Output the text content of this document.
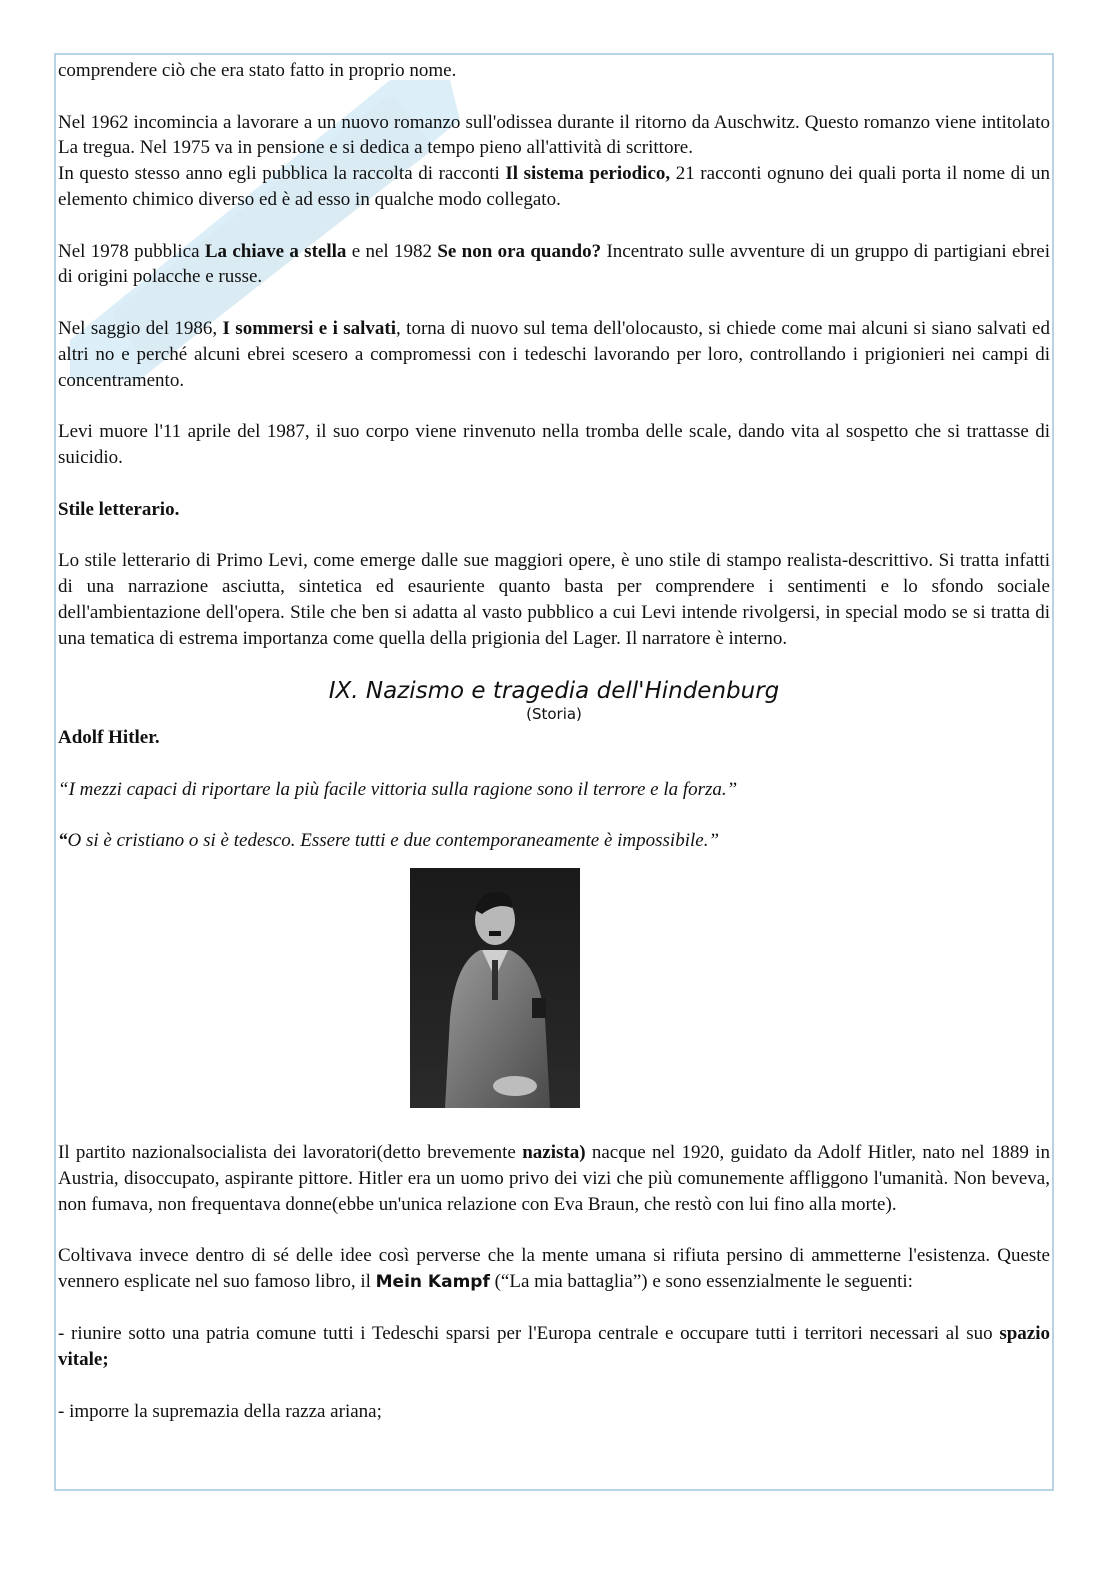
comprendere ciò che era stato fatto in proprio nome.

Nel 1962 incomincia a lavorare a un nuovo romanzo sull'odissea durante il ritorno da Auschwitz. Questo romanzo viene intitolato La tregua. Nel 1975 va in pensione e si dedica a tempo pieno all'attività di scrittore.
In questo stesso anno egli pubblica la raccolta di racconti Il sistema periodico, 21 racconti ognuno dei quali porta il nome di un elemento chimico diverso ed è ad esso in qualche modo collegato.

Nel 1978 pubblica La chiave a stella e nel 1982 Se non ora quando? Incentrato sulle avventure di un gruppo di partigiani ebrei di origini polacche e russe.

Nel saggio del 1986, I sommersi e i salvati, torna di nuovo sul tema dell'olocausto, si chiede come mai alcuni si siano salvati ed altri no e perché alcuni ebrei scesero a compromessi con i tedeschi lavorando per loro, controllando i prigionieri nei campi di concentramento.

Levi muore l'11 aprile del 1987, il suo corpo viene rinvenuto nella tromba delle scale, dando vita al sospetto che si trattasse di suicidio.

Stile letterario.

Lo stile letterario di Primo Levi, come emerge dalle sue maggiori opere, è uno stile di stampo realista-descrittivo. Si tratta infatti di una narrazione asciutta, sintetica ed esauriente quanto basta per comprendere i sentimenti e lo sfondo sociale dell'ambientazione dell'opera. Stile che ben si adatta al vasto pubblico a cui Levi intende rivolgersi, in special modo se si tratta di una tematica di estrema importanza come quella della prigionia del Lager. Il narratore è interno.

IX. Nazismo e tragedia dell'Hindenburg
(Storia)

Adolf Hitler.

“I mezzi capaci di riportare la più facile vittoria sulla ragione sono il terrore e la forza.”
“O si è cristiano o si è tedesco. Essere tutti e due contemporaneamente è impossibile.”

Il partito nazionalsocialista dei lavoratori(detto brevemente nazista) nacque nel 1920, guidato da Adolf Hitler, nato nel 1889 in Austria, disoccupato, aspirante pittore. Hitler era un uomo privo dei vizi che più comunemente affliggono l'umanità. Non beveva, non fumava, non frequentava donne(ebbe un'unica relazione con Eva Braun, che restò con lui fino alla morte).

Coltivava invece dentro di sé delle idee così perverse che la mente umana si rifiuta persino di ammetterne l'esistenza. Queste vennero esplicate nel suo famoso libro, il Mein Kampf (“La mia battaglia”) e sono essenzialmente le seguenti:

- riunire sotto una patria comune tutti i Tedeschi sparsi per l'Europa centrale e occupare tutti i territori necessari al suo spazio vitale;

- imporre la supremazia della razza ariana;
